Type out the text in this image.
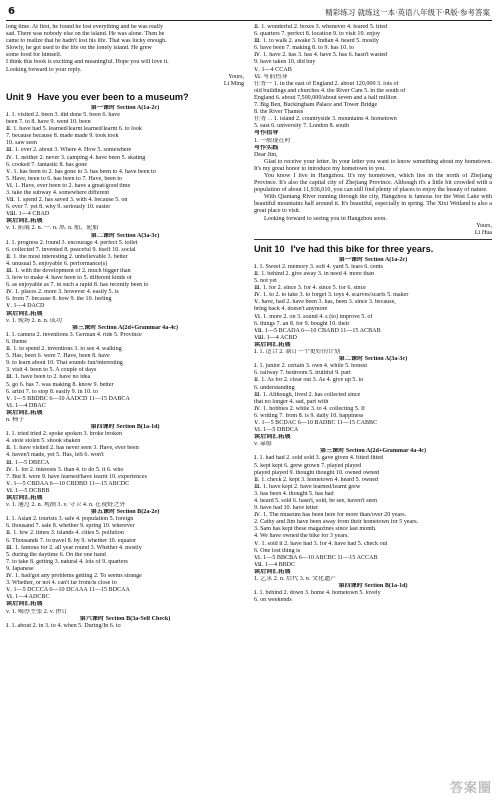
6	精彩练习 就练这一本·英语八年级下·R版·参考答案

long time. At first, he found he lost everything and he was really

sad. There was nobody else on the island. He was alone. Then he

came to realize that he hadn't lost his life. That was lucky enough.

Slowly, he got used to the life on the lonely island. He grew

some food for himself.

I think this book is exciting and meaningful. Hope you will love it.

Looking forward to your reply.

Yours,

Li Ming

Unit 9 Have you ever been to a museum?

第一课时 Section A(1a-2c)

Ⅰ. 1. visited 2. been 3. did done 5. been 6. have

been 7. to 8. have 9. went 10. been

Ⅱ. 1. have had 5. learned/learnt learned/learnt 6. to look

7. because because 8. made made 9. took took

10. saw seen

Ⅲ. 1. ever 2. about 3. Where 4. How 5. somewhere

Ⅳ. 1. neither 2. never 3. camping 4. have been 5. skating

6. cooked 7. fantastic 8. has gone

Ⅴ. 1. has been to 2. has gone to 3. has been to 4. have been to

5. Have, been to 6. has been to 7. Have, been to

Ⅵ. 1. Have, ever been to 2. have a great/good time

3. take the subway 4. somewhere different

Ⅶ. 1. spend 2. has saved 3. with 4. because 5. on

6. ever 7. yet 8. why 9. seriously 10. easier

Ⅷ. 1—4 CBAD

读后词汇拓展

v. 1. 拓展 2. n. 一. n. 黑. n. 船、轮船

第二课时 Section A(3a-3c)

Ⅰ. 1. progress 2. found 3. encourage 4. perfect 5. toilet

6. collected 7. invented 8. peaceful 9. itself 10. social

Ⅱ. 1. the most interesting 2. unbelievable 3. better

4. unusual 5. enjoyable 6. performance(s)

Ⅲ. 1. with the development of 2. much bigger than

3. how to make 4. have been to 5. different kinds of

6. as enjoyable as 7. in such a rapid 8. has recently been to

Ⅳ. 1. places 2. more 3. however 4. easily 5. is

6. from 7. because 8. how 9. the 10. feeling

Ⅴ. 1—4 DACD

读后词汇拓展

v. 1. 现场 2. n. n. 成功

第三课时 Section A(2d+Grammar 4a-4c)

Ⅰ. 1. camera 2. inventions 3. German 4. ride 5. Province

6. theme

Ⅱ. 1. to spend 2. inventions 3. to see 4. walking

5. Has, been 6. were 7. Have, been 8. have

9. to learn about 10. That sounds fun/interesting

3. visit 4. been to 5. A couple of days

Ⅲ. 1. have been to 2. have no idea

5. go 6. has 7. was making 8. know 9. better

6. artist 7. to stop 8. easily 9. in 10. to

Ⅴ. 1—5 BBDBC 6—10 AADCD 11—15 DABCA

Ⅵ. 1—4 DBAC

读后词汇拓展

n. 椅子

第四课时 Section B(1a-1d)

Ⅰ. 1. tried tried 2. spoke spoken 3. broke broken

4. stole stolen 5. shook shaken

Ⅱ. 1. have visited 2. has never seen 3. Have, ever been

4. haven't made, yet 5. Has, left 6. won't

Ⅲ. 1—5 DBECA

Ⅳ. 1. for 2. interests 3. than 4. to do 5. it 6. who

7. But 8. were 9. have learned/have learnt 10. experiences

Ⅴ. 1—5 CBDAA 6—10 CBDBD 11—15 ABCDC

Ⅵ. 1—5 DCBBB

读后词汇拓展

v. 1. 通过 2. n. 观测 3. v. 守卫 4. n. 在视野之外

第五课时 Section B(2a-2e)

Ⅰ. 1. Asian 2. tourists 3. safe 4. population 5. foreign

6. thousand 7. sale 8. whether 9. spring 10. wherever

Ⅱ. 1. few 2. times 3. islands 4. cities 5. pollution

6. Thousands 7. to travel 8. by 9. whether 10. equator

Ⅲ. 1. famous for 2. all year round 3. Whether 4. mostly

5. during the daytime 6. On the one hand

7. to take 8. getting 3. natural 4. lots of 9. quarters

9. Japanese

Ⅳ. 1. had/got any problems getting 2. To seems strange

3. Whether, or not 4. can't far from/is close to

Ⅴ. 1—5 DCCCA 6—10 DCAAA 11—15 BDCAA

Ⅵ. 1—4 ADCBC

读后词汇拓展

v. 1. 喝办主张 2. v. 拼订

第六课时 Section B(3a-Self Check)

Ⅰ. 1. about 2. in 3. to 4. when 5. During/In 6. to

Ⅱ. 1. wonderful 2. boxes 3. whenever 4. feared 5. tried

6. quarters 7. perfect 8. location 9. to visit 10. enjoy

Ⅲ. 1. to walk 2. awake 3. Indian 4. heard 5. mostly

6. have been 7. making 8. to 9. has 10. to

Ⅳ. 1. have 2. has 3. has 4. have 5. has 6. hasn't wasted

9. have taken 10. did buy

Ⅴ. 1—4 CCAB

Ⅵ. 写前热身

任务一 1. in the east of England 2. about 120,000 3. lots of

old buildings and churches 4. the River Cam 5. in the south of

England 6. about 7,500,000/about seven and a half million

7. Big Ben, Buckingham Palace and Tower Bridge

8. the River Thames

任务二 1. island 2. countryside 3. mountains 4. hometown

5. east 6. university 7. London 8. south

写作指导

1. 一般现在时

写作实践

Dear Jim,

Glad to receive your letter. In your letter you want to know something about my hometown. It's my great honor to introduce my hometown to you.

You know I live in Hangzhou. It's my hometown, which lies in the north of Zhejiang Province. It's also the capital city of Zhejiang Province. Although it's a little bit crowded with a population of about 11,936,010, you can still find plenty of places to enjoy the beauty of nature.

With Qiantang River running through the city, Hangzhou is famous for the West Lake with beautiful mountains half around it. It's beautiful, especially in spring. The Xixi Wetland is also a great place to visit.

Looking forward to seeing you in Hangzhou soon.

Yours,

Li Hua

Unit 10 I've had this bike for three years.

第一课时 Section A(1a-2c)

Ⅰ. 1. Sweet 2. memory 3. soft 4. yard 5. lears 6. cents

Ⅱ. 1. behind 2. give away 3. in need 4. more than

5. not yet

Ⅲ. 1. for 2. since 3. for 4. since 5. for 6. since

Ⅳ. 1. to 2. to take 3. to forget 3. toys 4. scarves/scarfs 5. maker

Ⅴ. have, had 2. have been 3. has, been 3. since 3. because,

bring back 4. doesn't anymore

Ⅵ. 1. more 2. on 3. sound 4. s (to) improve 5. of

6. things 7. an 8. for 9. bought 10. their

Ⅶ. 1—5 BCADA 6—10 CBABD 11—15 ACBAB

Ⅷ. 1—4 ACBD

读后词汇拓展

Ⅰ. 1. 适合 2. 制订一个更好的计划

第二课时 Section A(3a-3c)

Ⅰ. 1. junior 2. certain 3. own 4. while 5. honest

6. railway 7. bedroom 5. truthful 9. part

Ⅱ. 1. As for 2. clear out 3. As 4. give up 5. to

6. understanding

Ⅲ. 1. Although, lived 2. has collected since

that no longer 4. sad, part with

Ⅳ. 1. hobbies 2. while 3. to 4. collecting 5. If

6. writing 7. from 8. is 9. daily 10. happiness

Ⅴ. 1—5 BCDAC 6—10 BADBC 11—15 CABBC

Ⅵ. 1—5 DBDCA

读后词汇拓展

v. 靠船

第三课时 Section A(2d+Grammar 4a-4c)

Ⅰ. 1. had had 2. sold sold 3. gave given 4. fitted fitted

5. kept kept 6. grew grown 7. played played

played played 9. thought thought 10. owned owned

Ⅱ. 1. check 2. kept 3. hometown 4. heard 5. owned

Ⅲ. 1. have kept 2. have learned/learnt grew

3. has been 4. thought 5. has had

4. heard 5. sold 6. hasn't, sold, be see, haven't seen

9. have had 10. have letter

Ⅳ. 1. The museum has been here for more than/over 20 years.

2. Cathy and Jim have been away from their hometown for 5 years.

3. Sam has kept these magazines since last month.

4. We have owned the bike for 3 years.

Ⅴ. 1. sold it 2. have had 3. for 4. have had 5. check out

6. One lost thing is

Ⅵ. 1—5 BBCBA 6—10 ABCBC 11—15 ACCAB

Ⅶ. 1—4 BBDC

读后词汇拓展

1. 乞求 2. n. 后代 3. n. 文化遗产

第四课时 Section B(1a-1d)

Ⅰ. 1. behind 2. down 3. home 4. hometown 5. lovely

6. on weekends

答案圈
